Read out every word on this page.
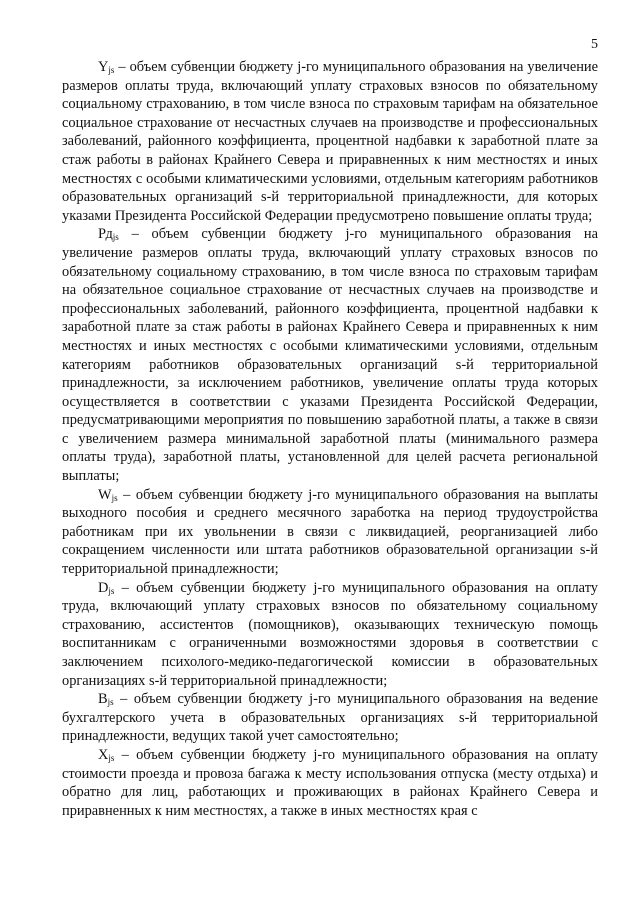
5

$Y_{js}$ – объем субвенции бюджету j-го муниципального образования на увеличение размеров оплаты труда, включающий уплату страховых взносов по обязательному социальному страхованию, в том числе взноса по страховым тарифам на обязательное социальное страхование от несчастных случаев на производстве и профессиональных заболеваний, районного коэффициента, процентной надбавки к заработной плате за стаж работы в районах Крайнего Севера и приравненных к ним местностях и иных местностях с особыми климатическими условиями, отдельным категориям работников образовательных организаций s-й территориальной принадлежности, для которых указами Президента Российской Федерации предусмотрено повышение оплаты труда;

$Рд_{js}$ – объем субвенции бюджету j-го муниципального образования на увеличение размеров оплаты труда, включающий уплату страховых взносов по обязательному социальному страхованию, в том числе взноса по страховым тарифам на обязательное социальное страхование от несчастных случаев на производстве и профессиональных заболеваний, районного коэффициента, процентной надбавки к заработной плате за стаж работы в районах Крайнего Севера и приравненных к ним местностях и иных местностях с особыми климатическими условиями, отдельным категориям работников образовательных организаций s-й территориальной принадлежности, за исключением работников, увеличение оплаты труда которых осуществляется в соответствии с указами Президента Российской Федерации, предусматривающими мероприятия по повышению заработной платы, а также в связи с увеличением размера минимальной заработной платы (минимального размера оплаты труда), заработной платы, установленной для целей расчета региональной выплаты;

$W_{js}$ – объем субвенции бюджету j-го муниципального образования на выплаты выходного пособия и среднего месячного заработка на период трудоустройства работникам при их увольнении в связи с ликвидацией, реорганизацией либо сокращением численности или штата работников образовательной организации s-й территориальной принадлежности;

$D_{js}$ – объем субвенции бюджету j-го муниципального образования на оплату труда, включающий уплату страховых взносов по обязательному социальному страхованию, ассистентов (помощников), оказывающих техническую помощь воспитанникам с ограниченными возможностями здоровья в соответствии с заключением психолого-медико-педагогической комиссии в образовательных организациях s-й территориальной принадлежности;

$B_{js}$ – объем субвенции бюджету j-го муниципального образования на ведение бухгалтерского учета в образовательных организациях s-й территориальной принадлежности, ведущих такой учет самостоятельно;

$X_{js}$ – объем субвенции бюджету j-го муниципального образования на оплату стоимости проезда и провоза багажа к месту использования отпуска (месту отдыха) и обратно для лиц, работающих и проживающих в районах Крайнего Севера и приравненных к ним местностях, а также в иных местностях края с
